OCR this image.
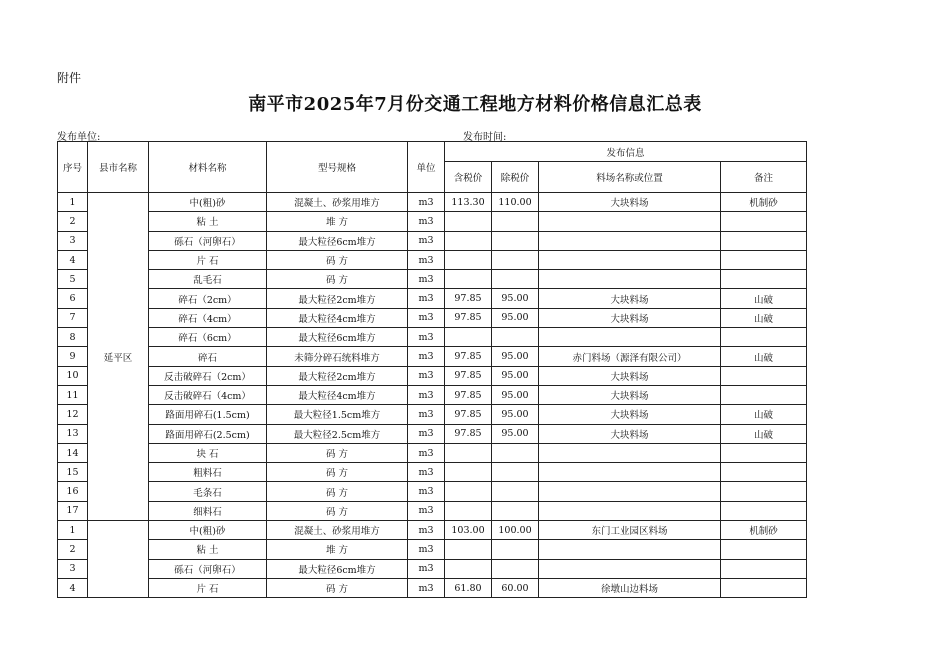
附件
南平市2025年7月份交通工程地方材料价格信息汇总表
发布单位:	发布时间:
序号	县市名称	材料名称	型号规格	单位	发布信息			
					含税价	除税价	料场名称或位置	备注
1	延平区	中(粗)砂	混凝土、砂浆用堆方	m3	113.30	110.00	大块料场	机制砂
2		粘 土	堆 方	m3				
3		砾石（河卵石）	最大粒径6cm堆方	m3				
4		片 石	码 方	m3				
5		乱毛石	码 方	m3				
6		碎石（2cm）	最大粒径2cm堆方	m3	97.85	95.00	大块料场	山破
7		碎石（4cm）	最大粒径4cm堆方	m3	97.85	95.00	大块料场	山破
8		碎石（6cm）	最大粒径6cm堆方	m3				
9		碎石	未筛分碎石统料堆方	m3	97.85	95.00	赤门料场（源泽有限公司）	山破
10		反击破碎石（2cm）	最大粒径2cm堆方	m3	97.85	95.00	大块料场	
11		反击破碎石（4cm）	最大粒径4cm堆方	m3	97.85	95.00	大块料场	
12		路面用碎石(1.5cm)	最大粒径1.5cm堆方	m3	97.85	95.00	大块料场	山破
13		路面用碎石(2.5cm)	最大粒径2.5cm堆方	m3	97.85	95.00	大块料场	山破
14		块 石	码 方	m3				
15		粗料石	码 方	m3				
16		毛条石	码 方	m3				
17		细料石	码 方	m3				
1		中(粗)砂	混凝土、砂浆用堆方	m3	103.00	100.00	东门工业园区料场	机制砂
2		粘 土	堆 方	m3				
3		砾石（河卵石）	最大粒径6cm堆方	m3				
4		片 石	码 方	m3	61.80	60.00	徐墩山边料场	
